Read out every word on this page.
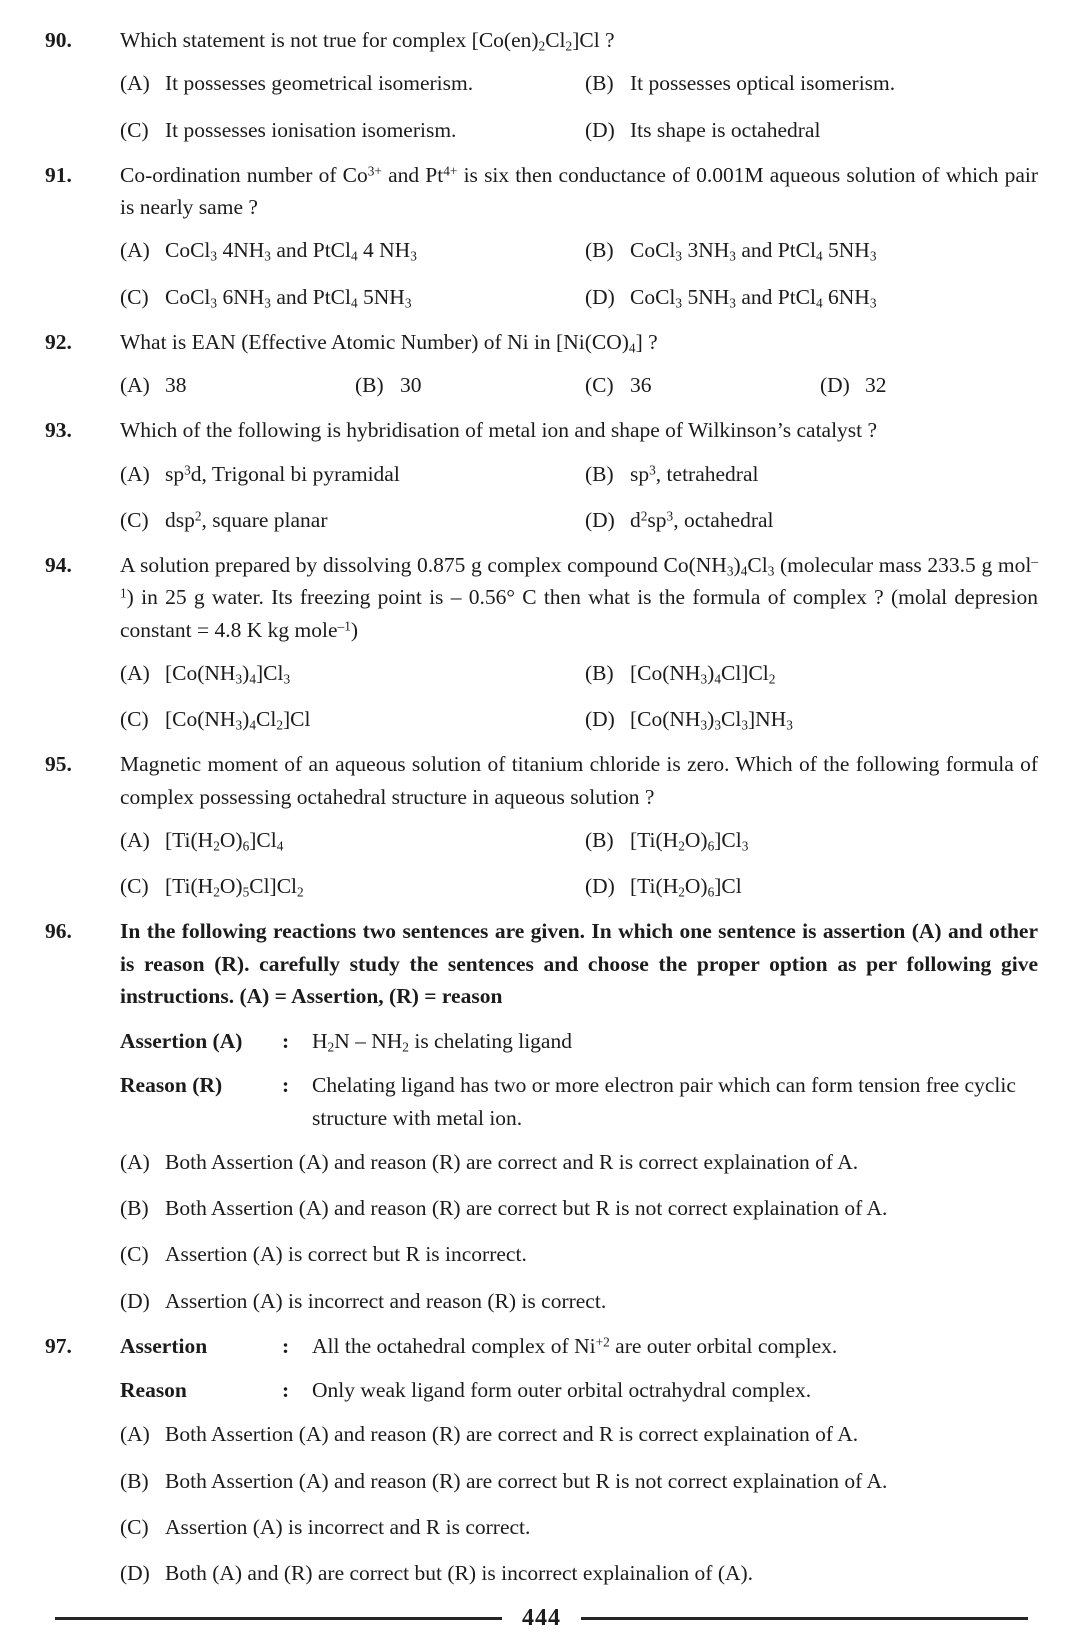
90.	Which statement is not true for complex $[Co(en)_2Cl_2]Cl$ ?

(A) It possesses geometrical isomerism.	(B) It possesses optical isomerism.
(C) It possesses ionisation isomerism.	(D) Its shape is octahedral
91.	Co-ordination number of $Co^{3+}$ and $Pt^{4+}$ is six then conductance of 0.001M aqueous solution of which pair is nearly same ?

(A) CoCl$_3$ $4NH_3$ and PtCl$_4$ 4 $NH_3$	(B) CoCl$_3$ $3NH_3$ and PtCl$_4$ $5NH_3$
(C) CoCl$_3$ $6NH_3$ and PtCl$_4$ $5NH_3$	(D) CoCl$_3$ $5NH_3$ and PtCl$_4$ $6NH_3$
92.	What is EAN (Effective Atomic Number) of Ni in $[Ni(CO)_4]$ ?

(A) 38	(B) 30	(C) 36	(D) 32
93.	Which of the following is hybridisation of metal ion and shape of Wilkinson’s catalyst ?

(A) $sp^3d$, Trigonal bi pyramidal	(B) $sp^3$, tetrahedral
(C) dsp$^2$, square planar	(D) $d^2sp^3$, octahedral
94.	A solution prepared by dissolving 0.875 g complex compound $Co(NH_3)_4Cl_3$ (molecular mass 233.5 g mol$^{-1}$) in 25 g water. Its freezing point is – 0.56° C then what is the formula of complex ? (molal depresion constant = 4.8 K kg mole$^{-1}$)

(A) $[Co(NH_3)_4]Cl_3$	(B) $[Co(NH_3)_4Cl]Cl_2$
(C) $[Co(NH_3)_4Cl_2]Cl$	(D) $[Co(NH_3)_3Cl_3]NH_3$
95.	Magnetic moment of an aqueous solution of titanium chloride is zero. Which of the following formula of complex possessing octahedral structure in aqueous solution ?

(A) $[Ti(H_2O)_6]Cl_4$	(B) $[Ti(H_2O)_6]Cl_3$
(C) $[Ti(H_2O)_5Cl]Cl_2$	(D) $[Ti(H_2O)_6]Cl$
96.	In the following reactions two sentences are given. In which one sentence is assertion (A) and other is reason (R). carefully study the sentences and choose the proper option as per following give instructions. (A) = Assertion, (R) = reason

Assertion (A)	:	$H_2N - NH_2$ is chelating ligand
Reason (R)	:	Chelating ligand has two or more electron pair which can form tension free cyclic structure with metal ion.
(A) Both Assertion (A) and reason (R) are correct and R is correct explaination of A.
(B) Both Assertion (A) and reason (R) are correct but R is not correct explaination of A.
(C) Assertion (A) is correct but R is incorrect.
(D) Assertion (A) is incorrect and reason (R) is correct.
97.	Assertion	:	All the octahedral complex of $Ni^{+2}$ are outer orbital complex.
Reason	:	Only weak ligand form outer orbital octrahydral complex.
(A) Both Assertion (A) and reason (R) are correct and R is correct explaination of A.
(B) Both Assertion (A) and reason (R) are correct but R is not correct explaination of A.
(C) Assertion (A) is incorrect and R is correct.
(D) Both (A) and (R) are correct but (R) is incorrect explainalion of (A).
444
